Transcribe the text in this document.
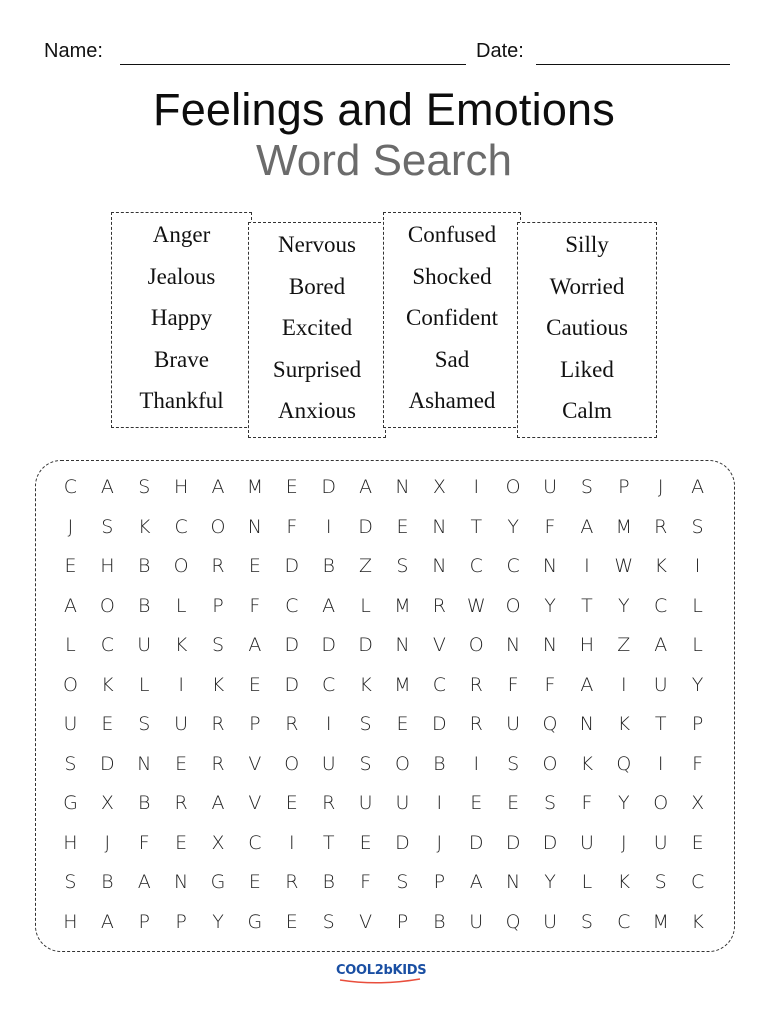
Name:	Date:
Feelings and Emotions
Word Search
Anger
Jealous
Happy
Brave
Thankful
Nervous
Bored
Excited
Surprised
Anxious
Confused
Shocked
Confident
Sad
Ashamed
Silly
Worried
Cautious
Liked
Calm
C	A	S	H	A	M	E	D	A	N	X	I	O	U	S	P	J	A
J	S	K	C	O	N	F	I	D	E	N	T	Y	F	A	M	R	S
E	H	B	O	R	E	D	B	Z	S	N	C	C	N	I	W	K	I
A	O	B	L	P	F	C	A	L	M	R	W	O	Y	T	Y	C	L
L	C	U	K	S	A	D	D	D	N	V	O	N	N	H	Z	A	L
O	K	L	I	K	E	D	C	K	M	C	R	F	F	A	I	U	Y
U	E	S	U	R	P	R	I	S	E	D	R	U	Q	N	K	T	P
S	D	N	E	R	V	O	U	S	O	B	I	S	O	K	Q	I	F
G	X	B	R	A	V	E	R	U	U	I	E	E	S	F	Y	O	X
H	J	F	E	X	C	I	T	E	D	J	D	D	D	U	J	U	E
S	B	A	N	G	E	R	B	F	S	P	A	N	Y	L	K	S	C
H	A	P	P	Y	G	E	S	V	P	B	U	Q	U	S	C	M	K
COOL2bKIDS
